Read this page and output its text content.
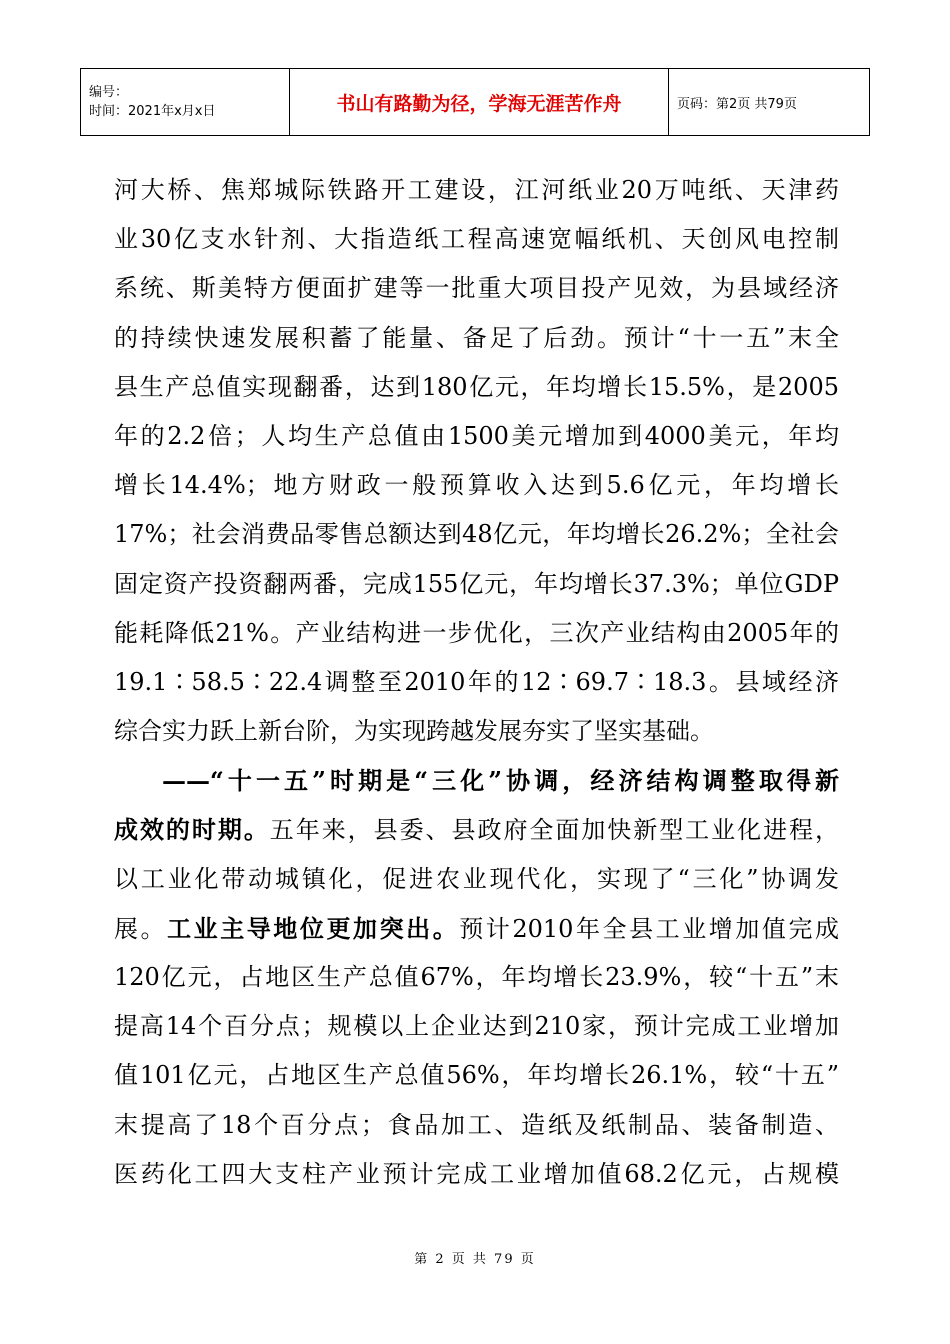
编号：
时间：2021年x月x日	书山有路勤为径，学海无涯苦作舟	页码：第2页 共79页
河大桥、焦郑城际铁路开工建设，江河纸业20万吨纸、天津药
业30亿支水针剂、大指造纸工程高速宽幅纸机、天创风电控制
系统、斯美特方便面扩建等一批重大项目投产见效，为县域经济
的持续快速发展积蓄了能量、备足了后劲。预计“十一五”末全
县生产总值实现翻番，达到180亿元，年均增长15.5%，是2005
年的2.2倍；人均生产总值由1500美元增加到4000美元，年均
增长14.4%；地方财政一般预算收入达到5.6亿元，年均增长
17%；社会消费品零售总额达到48亿元，年均增长26.2%；全社会
固定资产投资翻两番，完成155亿元，年均增长37.3%；单位GDP
能耗降低21%。产业结构进一步优化，三次产业结构由2005年的
19.1∶58.5∶22.4调整至2010年的12∶69.7∶18.3。县域经济
综合实力跃上新台阶，为实现跨越发展夯实了坚实基础。
——“十一五”时期是“三化”协调，经济结构调整取得新
成效的时期。五年来，县委、县政府全面加快新型工业化进程，
以工业化带动城镇化，促进农业现代化，实现了“三化”协调发
展。工业主导地位更加突出。预计2010年全县工业增加值完成
120亿元，占地区生产总值67%，年均增长23.9%，较“十五”末
提高14个百分点；规模以上企业达到210家，预计完成工业增加
值101亿元，占地区生产总值56%，年均增长26.1%，较“十五”
末提高了18个百分点；食品加工、造纸及纸制品、装备制造、
医药化工四大支柱产业预计完成工业增加值68.2亿元，占规模
第 2 页 共 79 页
